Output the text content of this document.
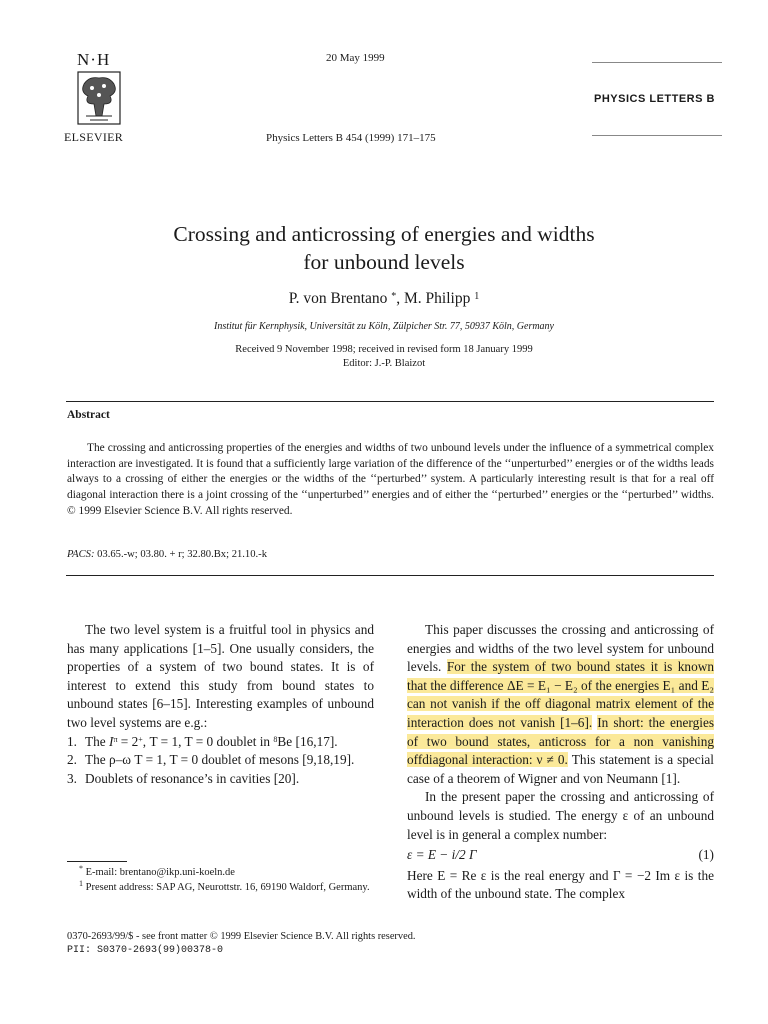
N·H
ELSEVIER
20 May 1999
Physics Letters B 454 (1999) 171–175
PHYSICS LETTERS B
Crossing and anticrossing of energies and widths
for unbound levels
P. von Brentano *, M. Philipp $^1$
Institut für Kernphysik, Universität zu Köln, Zülpicher Str. 77, 50937 Köln, Germany
Received 9 November 1998; received in revised form 18 January 1999
Editor: J.-P. Blaizot
Abstract
The crossing and anticrossing properties of the energies and widths of two unbound levels under the influence of a symmetrical complex interaction are investigated. It is found that a sufficiently large variation of the difference of the ‘‘unperturbed’’ energies or of the widths leads always to a crossing of either the energies or the widths of the ‘‘perturbed’’ system. A particularly interesting result is that for a real off diagonal interaction there is a joint crossing of the ‘‘unperturbed’’ energies and of either the ‘‘perturbed’’ energies or the ‘‘perturbed’’ widths. © 1999 Elsevier Science B.V. All rights reserved.
PACS: 03.65.-w; 03.80. + r; 32.80.Bx; 21.10.-k
The two level system is a fruitful tool in physics and has many applications [1–5]. One usually considers, the properties of a system of two bound states. It is of interest to extend this study from bound states to unbound states [6–15]. Interesting examples of unbound two level systems are e.g.:
1. The $I^\pi = 2^+$, T = 1, T = 0 doublet in $^8$Be [16,17].
2. The ρ–ω T = 1, T = 0 doublet of mesons [9,18,19].
3. Doublets of resonance’s in cavities [20].
* E-mail: brentano@ikp.uni-koeln.de
$^1$ Present address: SAP AG, Neurottstr. 16, 69190 Waldorf, Germany.
This paper discusses the crossing and anticrossing of energies and widths of the two level system for unbound levels. For the system of two bound states it is known that the difference ΔE = E₁ − E₂ of the energies E₁ and E₂ can not vanish if the off diagonal matrix element of the interaction does not vanish [1–6]. In short: the energies of two bound states, anticross for a non vanishing offdiagonal interaction: ν ≠ 0. This statement is a special case of a theorem of Wigner and von Neumann [1].
In the present paper the crossing and anticrossing of unbound levels is studied. The energy ε of an unbound level is in general a complex number:
ε = E − i/2 Γ	(1)
Here E = Re ε is the real energy and Γ = −2 Im ε is the width of the unbound state. The complex
0370-2693/99/$ - see front matter © 1999 Elsevier Science B.V. All rights reserved.
PII: S0370-2693(99)00378-0
